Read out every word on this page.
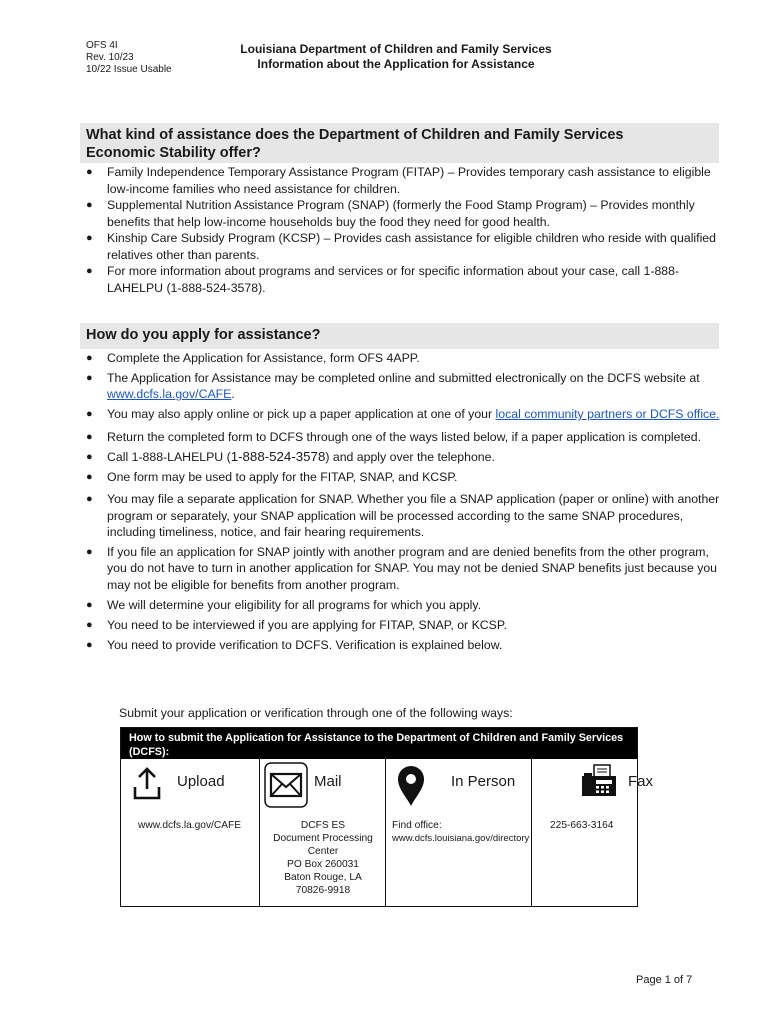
OFS 4I
Rev. 10/23
10/22 Issue Usable
Louisiana Department of Children and Family Services
Information about the Application for Assistance
What kind of assistance does the Department of Children and Family Services
Economic Stability offer?
● Family Independence Temporary Assistance Program (FITAP) – Provides temporary cash assistance to eligible low-income families who need assistance for children.
● Supplemental Nutrition Assistance Program (SNAP) (formerly the Food Stamp Program) – Provides monthly benefits that help low-income households buy the food they need for good health.
● Kinship Care Subsidy Program (KCSP) – Provides cash assistance for eligible children who reside with qualified relatives other than parents.
● For more information about programs and services or for specific information about your case, call 1-888-LAHELPU (1-888-524-3578).
How do you apply for assistance?
● Complete the Application for Assistance, form OFS 4APP.
● The Application for Assistance may be completed online and submitted electronically on the DCFS website at www.dcfs.la.gov/CAFE.
● You may also apply online or pick up a paper application at one of your local community partners or DCFS office.
● Return the completed form to DCFS through one of the ways listed below, if a paper application is completed.
● Call 1-888-LAHELPU (1-888-524-3578) and apply over the telephone.
● One form may be used to apply for the FITAP, SNAP, and KCSP.
● You may file a separate application for SNAP. Whether you file a SNAP application (paper or online) with another program or separately, your SNAP application will be processed according to the same SNAP procedures, including timeliness, notice, and fair hearing requirements.
● If you file an application for SNAP jointly with another program and are denied benefits from the other program, you do not have to turn in another application for SNAP. You may not be denied SNAP benefits just because you may not be eligible for benefits from another program.
● We will determine your eligibility for all programs for which you apply.
● You need to be interviewed if you are applying for FITAP, SNAP, or KCSP.
● You need to provide verification to DCFS. Verification is explained below.
Submit your application or verification through one of the following ways:
How to submit the Application for Assistance to the Department of Children and Family Services (DCFS):
Upload
www.dcfs.la.gov/CAFE
Mail
DCFS ES
Document Processing
Center
PO Box 260031
Baton Rouge, LA
70826-9918
In Person
Find office:
www.dcfs.louisiana.gov/directory
Fax
225-663-3164
Page 1 of 7
